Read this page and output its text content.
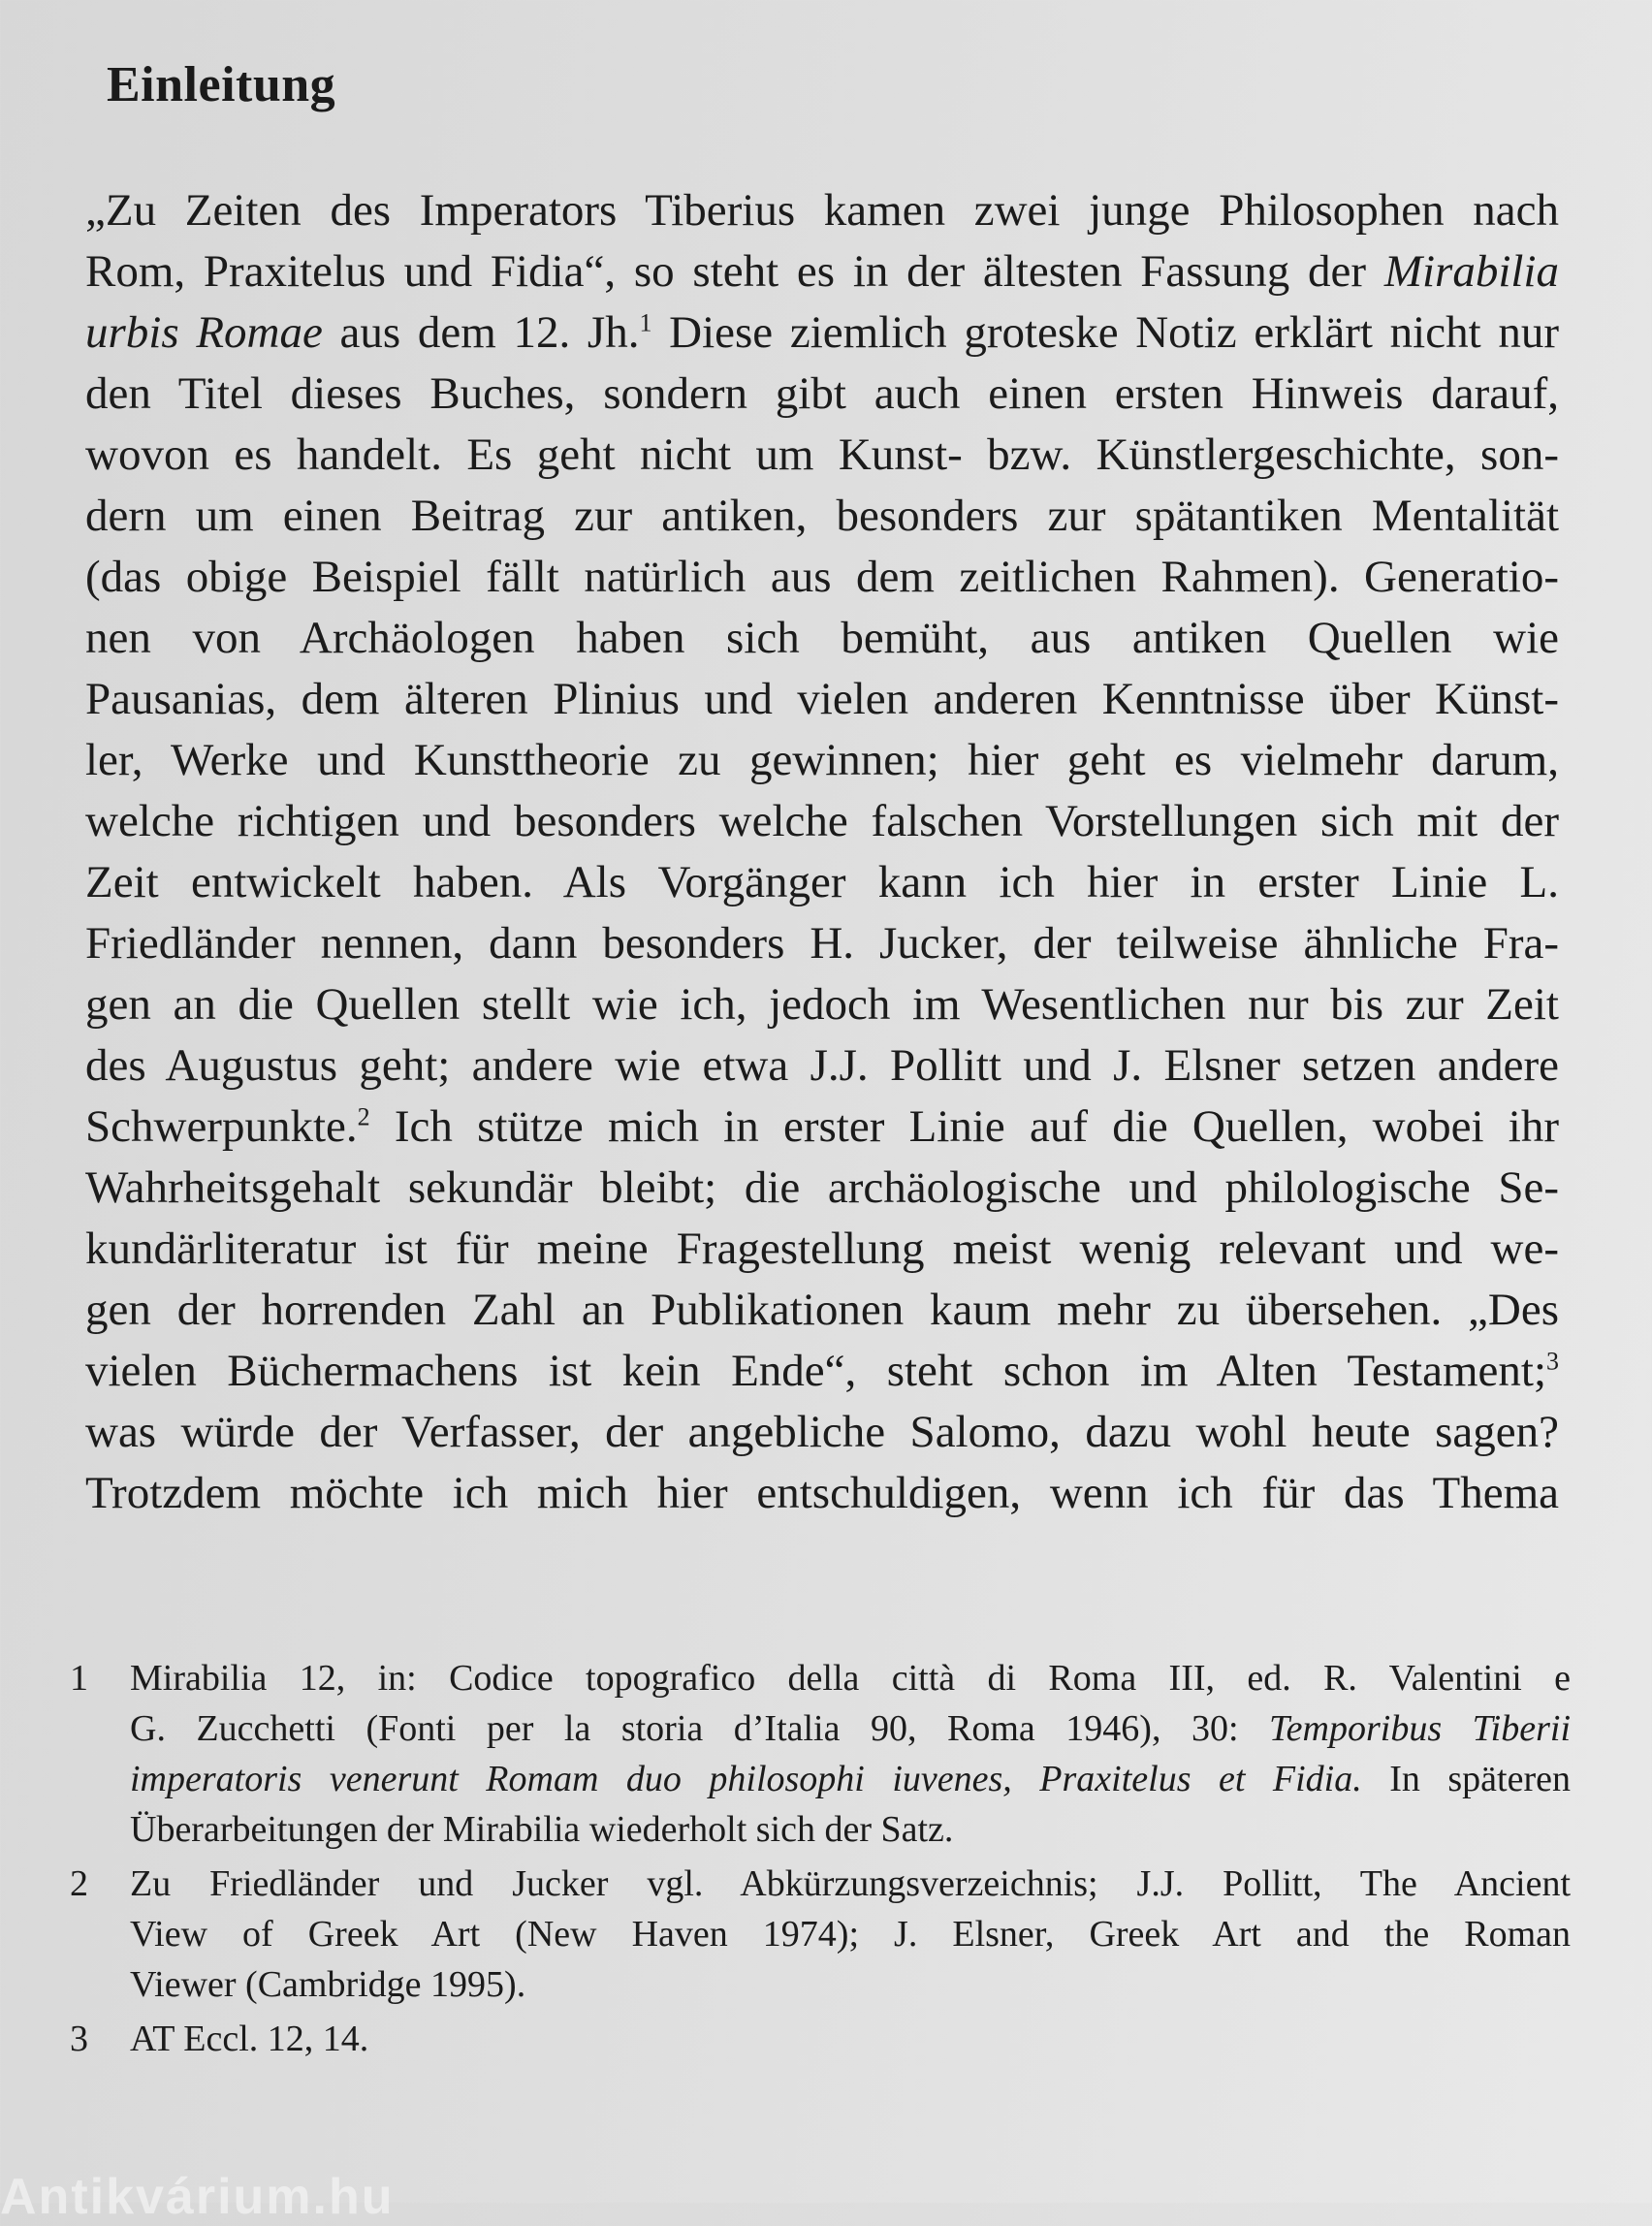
Einleitung
„Zu Zeiten des Imperators Tiberius kamen zwei junge Philosophen nach
Rom, Praxitelus und Fidia“, so steht es in der ältesten Fassung der Mirabilia
urbis Romae aus dem 12. Jh.$^1$ Diese ziemlich groteske Notiz erklärt nicht nur
den Titel dieses Buches, sondern gibt auch einen ersten Hinweis darauf,
wovon es handelt. Es geht nicht um Kunst- bzw. Künstlergeschichte, son-
dern um einen Beitrag zur antiken, besonders zur spätantiken Mentalität
(das obige Beispiel fällt natürlich aus dem zeitlichen Rahmen). Generatio-
nen von Archäologen haben sich bemüht, aus antiken Quellen wie
Pausanias, dem älteren Plinius und vielen anderen Kenntnisse über Künst-
ler, Werke und Kunsttheorie zu gewinnen; hier geht es vielmehr darum,
welche richtigen und besonders welche falschen Vorstellungen sich mit der
Zeit entwickelt haben. Als Vorgänger kann ich hier in erster Linie L.
Friedländer nennen, dann besonders H. Jucker, der teilweise ähnliche Fra-
gen an die Quellen stellt wie ich, jedoch im Wesentlichen nur bis zur Zeit
des Augustus geht; andere wie etwa J.J. Pollitt und J. Elsner setzen andere
Schwerpunkte.$^2$ Ich stütze mich in erster Linie auf die Quellen, wobei ihr
Wahrheitsgehalt sekundär bleibt; die archäologische und philologische Se-
kundärliteratur ist für meine Fragestellung meist wenig relevant und we-
gen der horrenden Zahl an Publikationen kaum mehr zu übersehen. „Des
vielen Büchermachens ist kein Ende“, steht schon im Alten Testament;$^3$
was würde der Verfasser, der angebliche Salomo, dazu wohl heute sagen?
Trotzdem möchte ich mich hier entschuldigen, wenn ich für das Thema
1 Mirabilia 12, in: Codice topografico della città di Roma III, ed. R. Valentini e
G. Zucchetti (Fonti per la storia d’Italia 90, Roma 1946), 30: Temporibus Tiberii
imperatoris venerunt Romam duo philosophi iuvenes, Praxitelus et Fidia. In späteren
Überarbeitungen der Mirabilia wiederholt sich der Satz.
2 Zu Friedländer und Jucker vgl. Abkürzungsverzeichnis; J.J. Pollitt, The Ancient
View of Greek Art (New Haven 1974); J. Elsner, Greek Art and the Roman
Viewer (Cambridge 1995).
3 AT Eccl. 12, 14.
Antikvárium.hu
